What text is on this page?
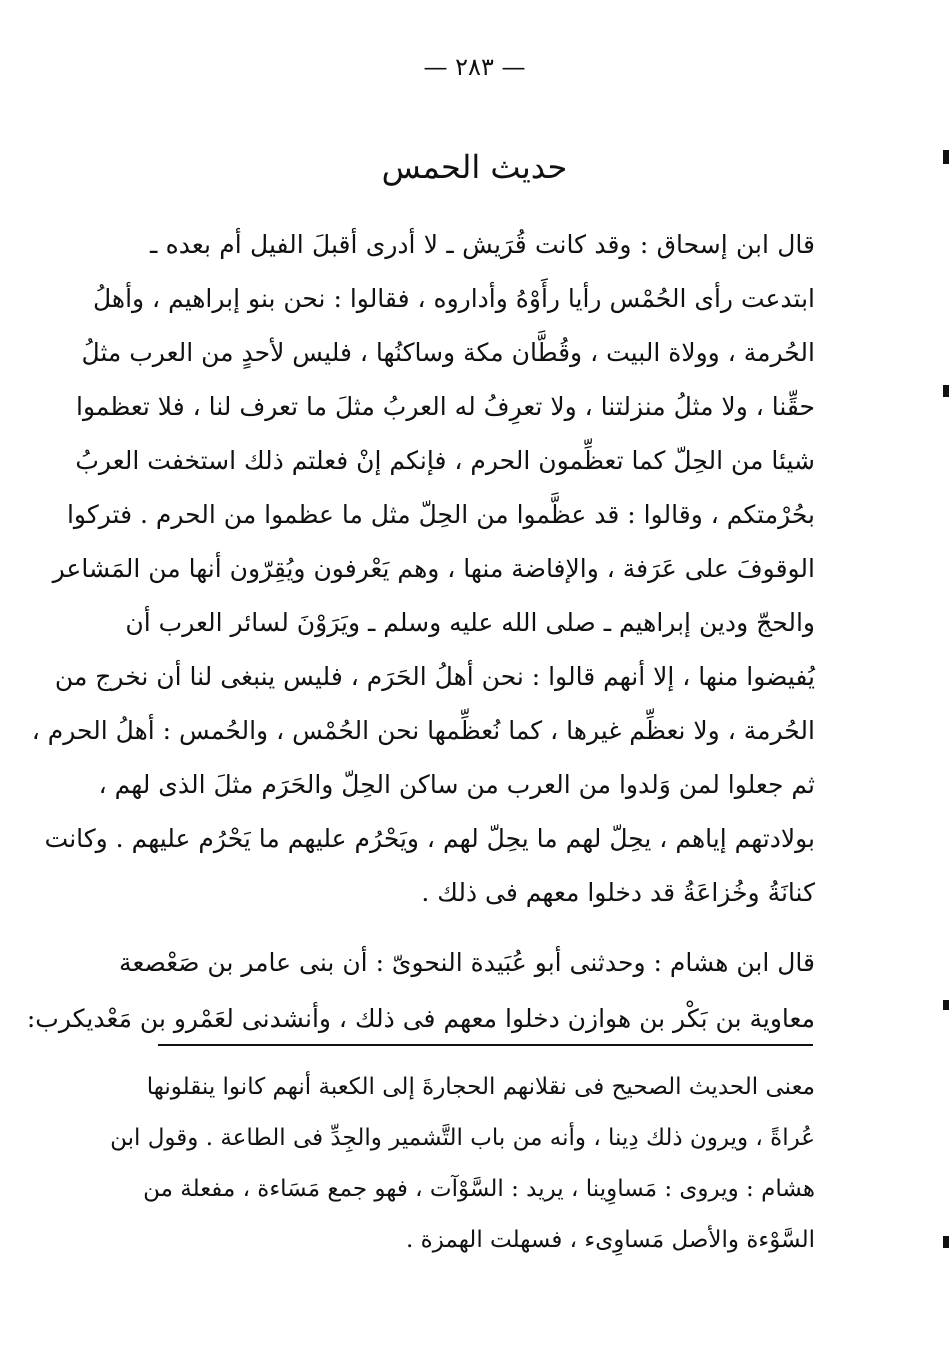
— ٢٨٣ —
حديث الحمس
قال ابن إسحاق : وقد كانت قُرَيش ـ لا أدرى أقبلَ الفيل أم بعده ـ
ابتدعت رأى الحُمْس رأيا رأَوْهُ وأداروه ، فقالوا : نحن بنو إبراهيم ، وأهلُ
الحُرمة ، وولاة البيت ، وقُطَّان مكة وساكنُها ، فليس لأحدٍ من العرب مثلُ
حقِّنا ، ولا مثلُ منزلتنا ، ولا تعرِفُ له العربُ مثلَ ما تعرف لنا ، فلا تعظموا
شيئا من الحِلّ كما تعظِّمون الحرم ، فإنكم إنْ فعلتم ذلك استخفت العربُ
بحُرْمتكم ، وقالوا : قد عظَّموا من الحِلّ مثل ما عظموا من الحرم . فتركوا
الوقوفَ على عَرَفة ، والإفاضة منها ، وهم يَعْرفون ويُقِرّون أنها من المَشاعر
والحجّ ودين إبراهيم ـ صلى الله عليه وسلم ـ ويَرَوْنَ لسائر العرب أن
يُفيضوا منها ، إلا أنهم قالوا : نحن أهلُ الحَرَم ، فليس ينبغى لنا أن نخرج من
الحُرمة ، ولا نعظِّم غيرها ، كما نُعظِّمها نحن الحُمْس ، والحُمس : أهلُ الحرم ،
ثم جعلوا لمن وَلدوا من العرب من ساكن الحِلّ والحَرَم مثلَ الذى لهم ،
بولادتهم إياهم ، يحِلّ لهم ما يحِلّ لهم ، ويَحْرُم عليهم ما يَحْرُم عليهم . وكانت
كنانَةُ وخُزاعَةُ قد دخلوا معهم فى ذلك .
قال ابن هشام : وحدثنى أبو عُبَيدة النحوىّ : أن بنى عامر بن صَعْصعة
معاوية بن بَكْر بن هوازن دخلوا معهم فى ذلك ، وأنشدنى لعَمْرو بن مَعْديكرب:
معنى الحديث الصحيح فى نقلانهم الحجارةَ إلى الكعبة أنهم كانوا ينقلونها
عُراةً ، ويرون ذلك دِينا ، وأنه من باب التَّشمير والجِدِّ فى الطاعة . وقول ابن
هشام : ويروى : مَساوِينا ، يريد : السَّوْآت ، فهو جمع مَسَاءة ، مفعلة من
السَّوْءة والأصل مَساوِىء ، فسهلت الهمزة .
